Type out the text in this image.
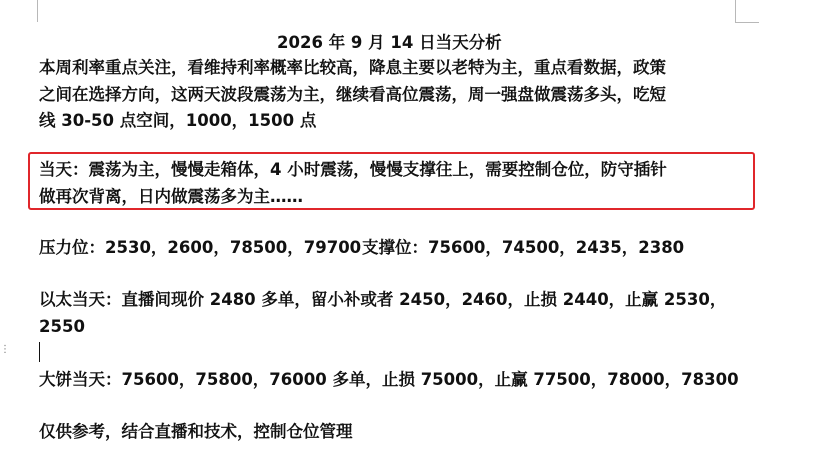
⋮
2026 年 9 月 14 日当天分析
本周利率重点关注，看维持利率概率比较高，降息主要以老特为主，重点看数据，政策
之间在选择方向，这两天波段震荡为主，继续看高位震荡，周一强盘做震荡多头，吃短
线 30-50 点空间，1000，1500 点
当天：震荡为主，慢慢走箱体，4 小时震荡，慢慢支撑往上，需要控制仓位，防守插针
做再次背离，日内做震荡多为主……
压力位：2530，2600，78500，79700 支撑位：75600，74500，2435，2380
以太当天：直播间现价 2480 多单，留小补或者 2450，2460，止损 2440，止赢 2530，
2550
大饼当天：75600，75800，76000 多单，止损 75000，止赢 77500，78000，78300
仅供参考，结合直播和技术，控制仓位管理
